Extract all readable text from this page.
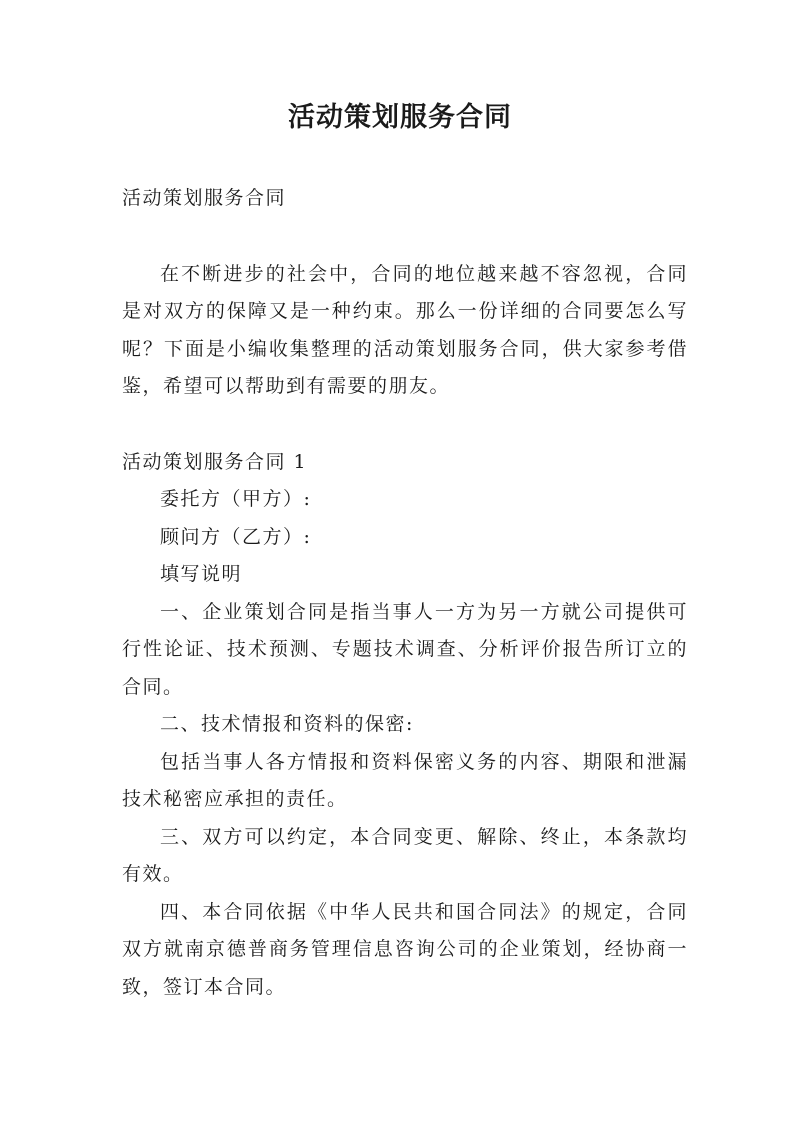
活动策划服务合同

活动策划服务合同

在不断进步的社会中，合同的地位越来越不容忽视，合同是对双方的保障又是一种约束。那么一份详细的合同要怎么写呢？下面是小编收集整理的活动策划服务合同，供大家参考借鉴，希望可以帮助到有需要的朋友。

活动策划服务合同 1

委托方（甲方）:

顾问方（乙方）:

填写说明

一、企业策划合同是指当事人一方为另一方就公司提供可行性论证、技术预测、专题技术调查、分析评价报告所订立的合同。

二、技术情报和资料的保密:

包括当事人各方情报和资料保密义务的内容、期限和泄漏技术秘密应承担的责任。

三、双方可以约定，本合同变更、解除、终止，本条款均有效。

四、本合同依据《中华人民共和国合同法》的规定，合同双方就南京德普商务管理信息咨询公司的企业策划，经协商一致，签订本合同。
